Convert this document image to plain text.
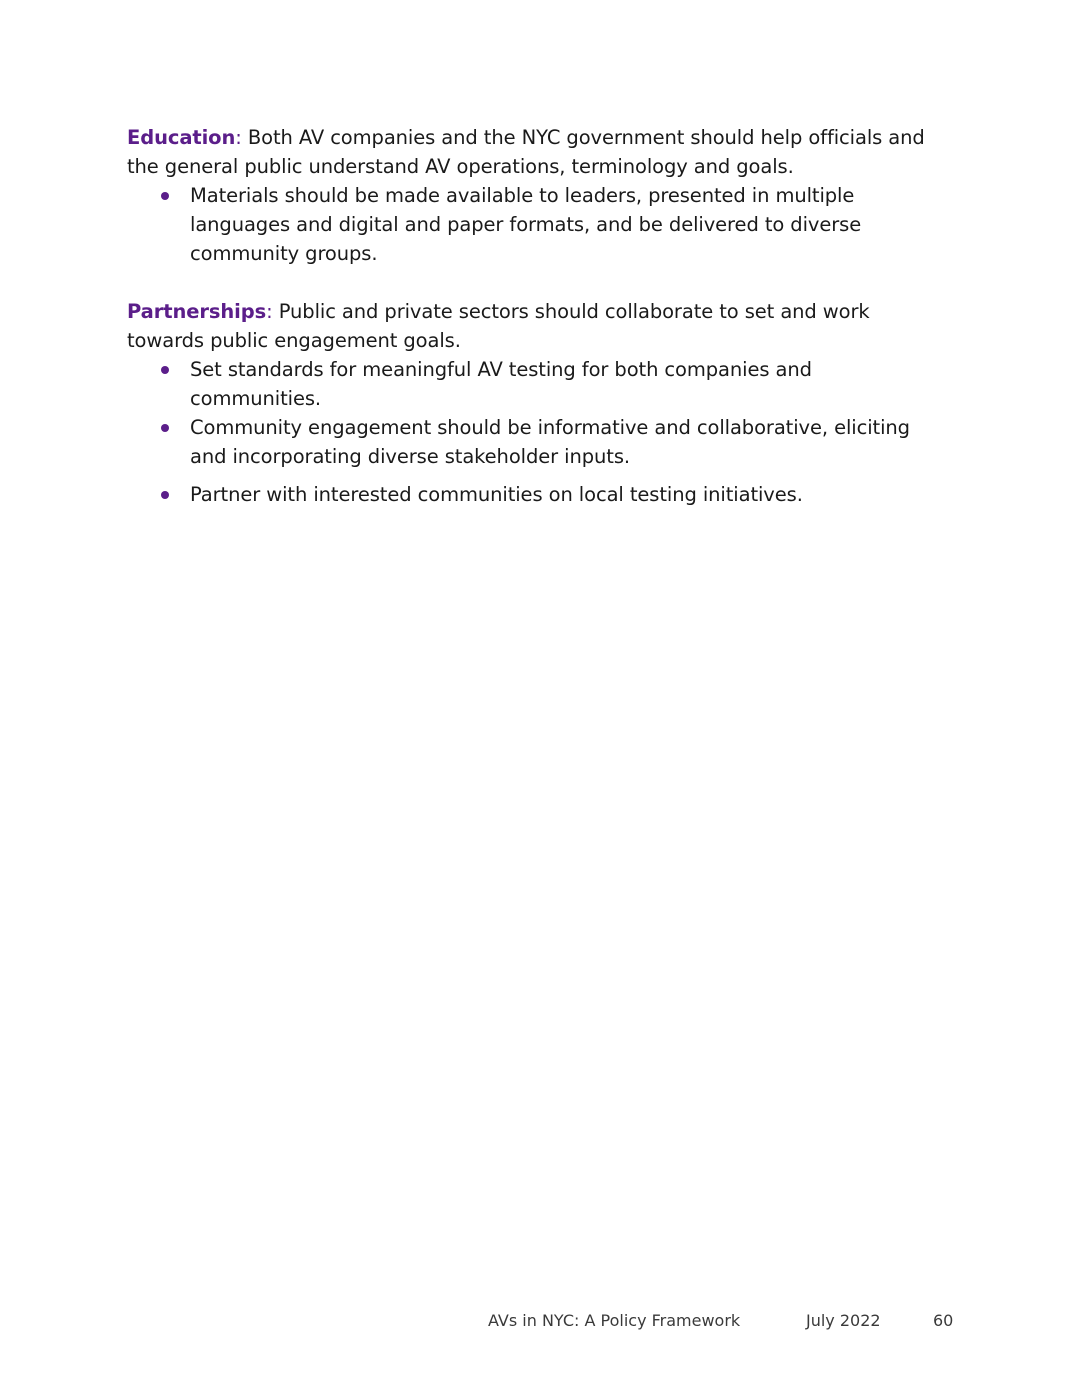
Education: Both AV companies and the NYC government should help officials and the general public understand AV operations, terminology and goals.

Materials should be made available to leaders, presented in multiple languages and digital and paper formats, and be delivered to diverse community groups.

Partnerships: Public and private sectors should collaborate to set and work towards public engagement goals.

Set standards for meaningful AV testing for both companies and communities.
Community engagement should be informative and collaborative, eliciting and incorporating diverse stakeholder inputs.
Partner with interested communities on local testing initiatives.
AVs in NYC: A Policy Framework	July 2022	60
